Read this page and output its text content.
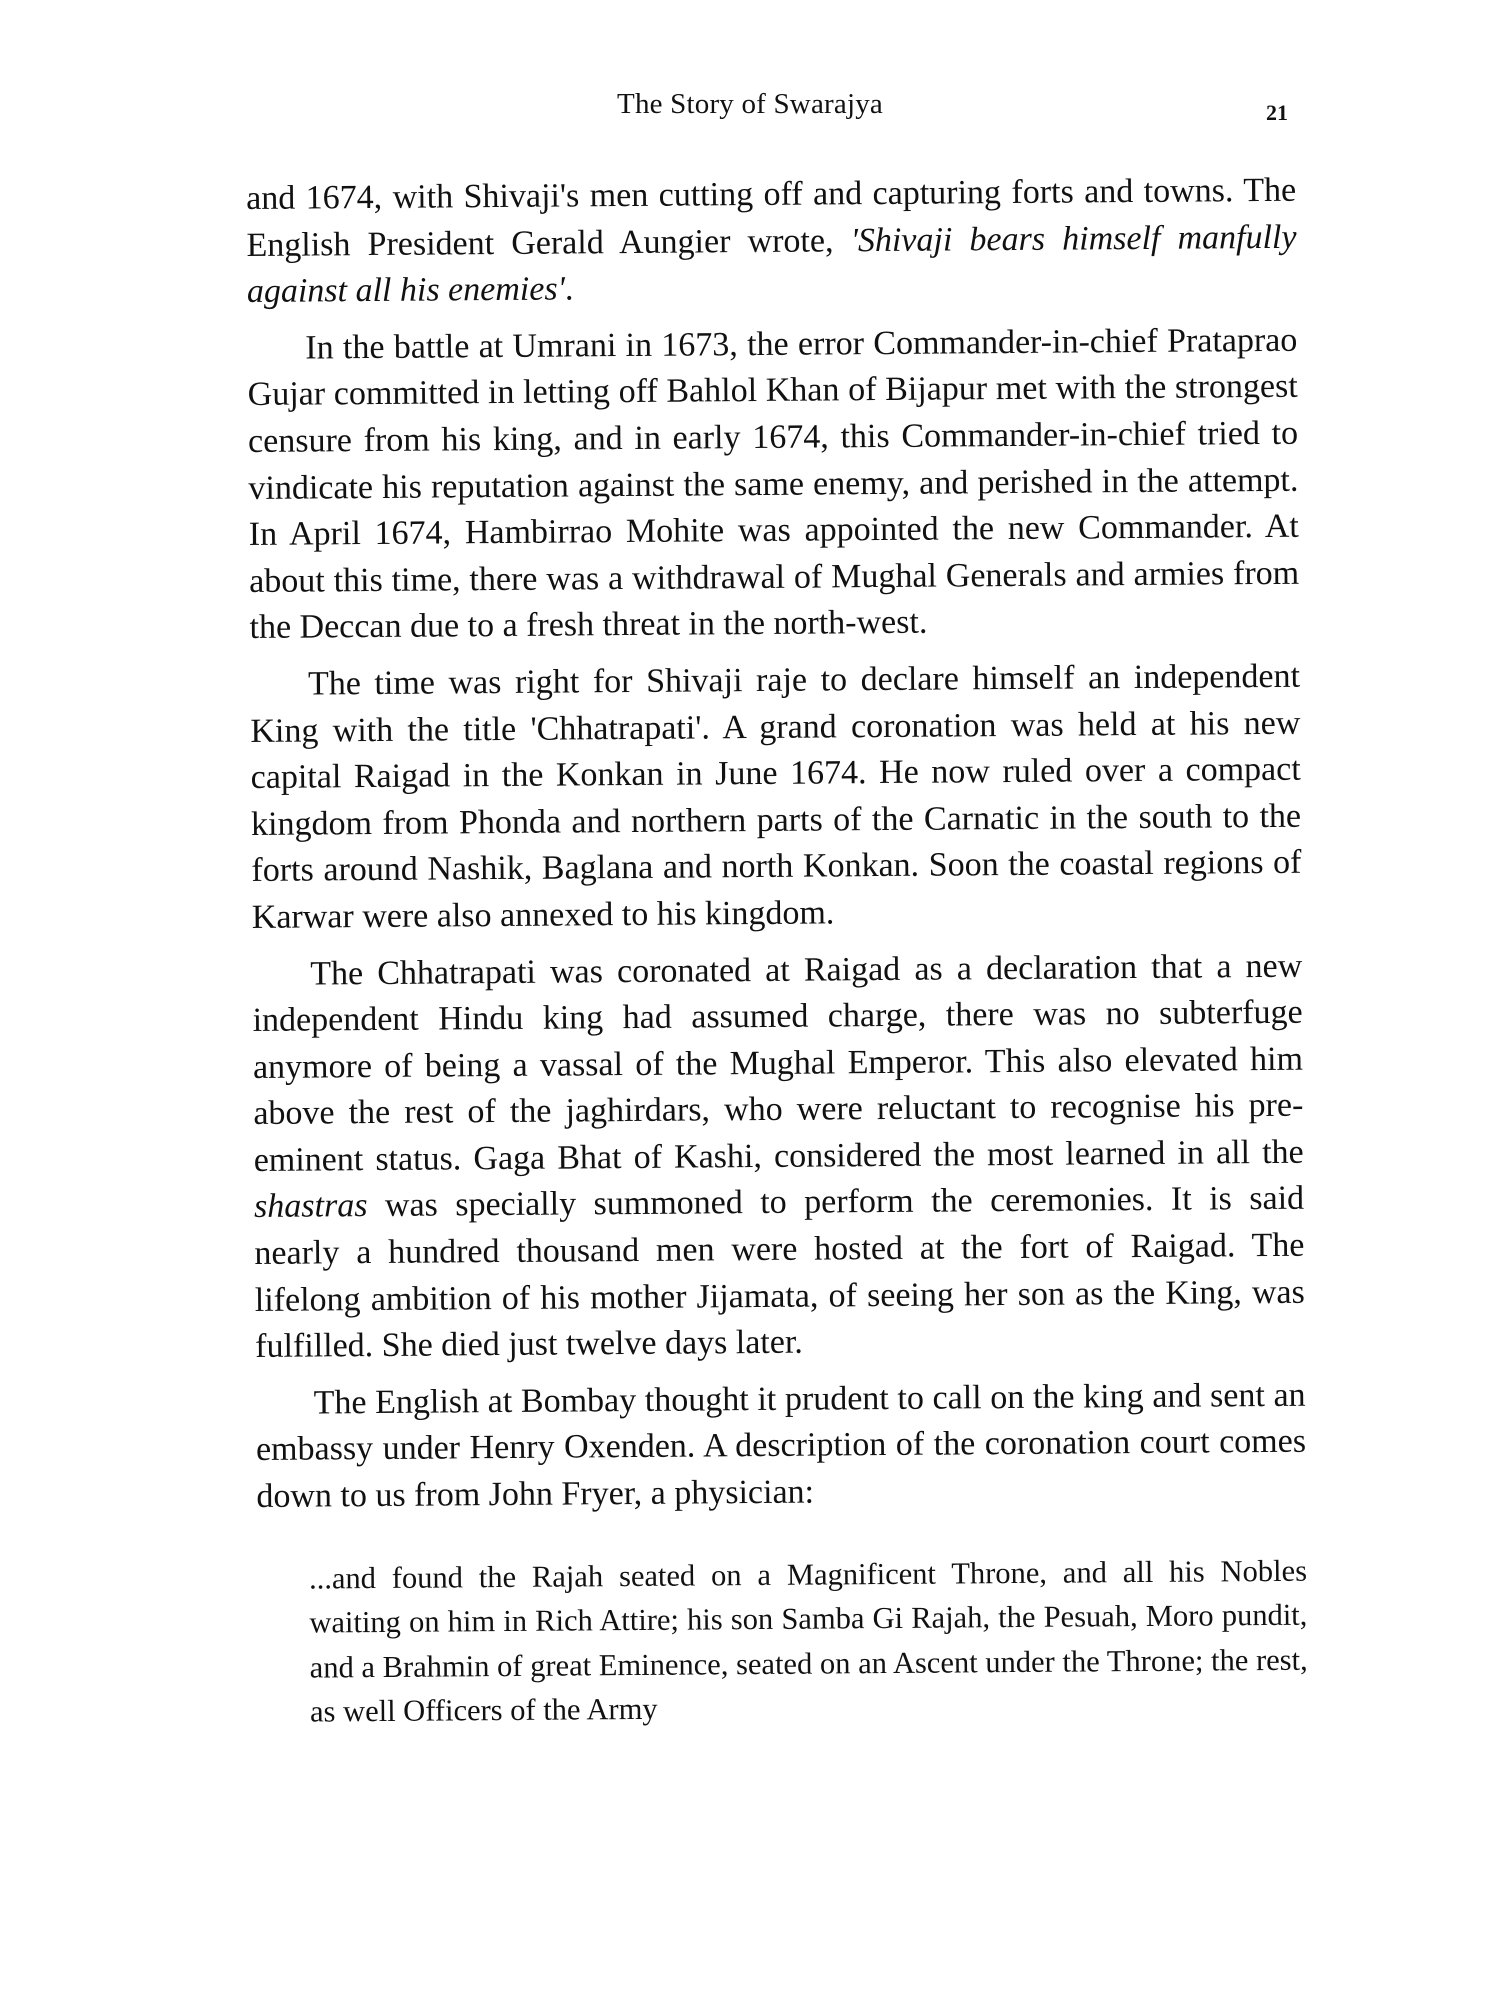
The Story of Swarajya	21

and 1674, with Shivaji's men cutting off and capturing forts and towns. The English President Gerald Aungier wrote, 'Shivaji bears himself manfully against all his enemies'.

In the battle at Umrani in 1673, the error Commander-in-chief Prataprao Gujar committed in letting off Bahlol Khan of Bijapur met with the strongest censure from his king, and in early 1674, this Commander-in-chief tried to vindicate his reputation against the same enemy, and perished in the attempt. In April 1674, Hambirrao Mohite was appointed the new Commander. At about this time, there was a withdrawal of Mughal Generals and armies from the Deccan due to a fresh threat in the north-west.

The time was right for Shivaji raje to declare himself an independent King with the title 'Chhatrapati'. A grand coronation was held at his new capital Raigad in the Konkan in June 1674. He now ruled over a compact kingdom from Phonda and northern parts of the Carnatic in the south to the forts around Nashik, Baglana and north Konkan. Soon the coastal regions of Karwar were also annexed to his kingdom.

The Chhatrapati was coronated at Raigad as a declaration that a new independent Hindu king had assumed charge, there was no subterfuge anymore of being a vassal of the Mughal Emperor. This also elevated him above the rest of the jaghirdars, who were reluctant to recognise his pre-eminent status. Gaga Bhat of Kashi, considered the most learned in all the shastras was specially summoned to perform the ceremonies. It is said nearly a hundred thousand men were hosted at the fort of Raigad. The lifelong ambition of his mother Jijamata, of seeing her son as the King, was fulfilled. She died just twelve days later.

The English at Bombay thought it prudent to call on the king and sent an embassy under Henry Oxenden. A description of the coronation court comes down to us from John Fryer, a physician:

...and found the Rajah seated on a Magnificent Throne, and all his Nobles waiting on him in Rich Attire; his son Samba Gi Rajah, the Pesuah, Moro pundit, and a Brahmin of great Eminence, seated on an Ascent under the Throne; the rest, as well Officers of the Army
